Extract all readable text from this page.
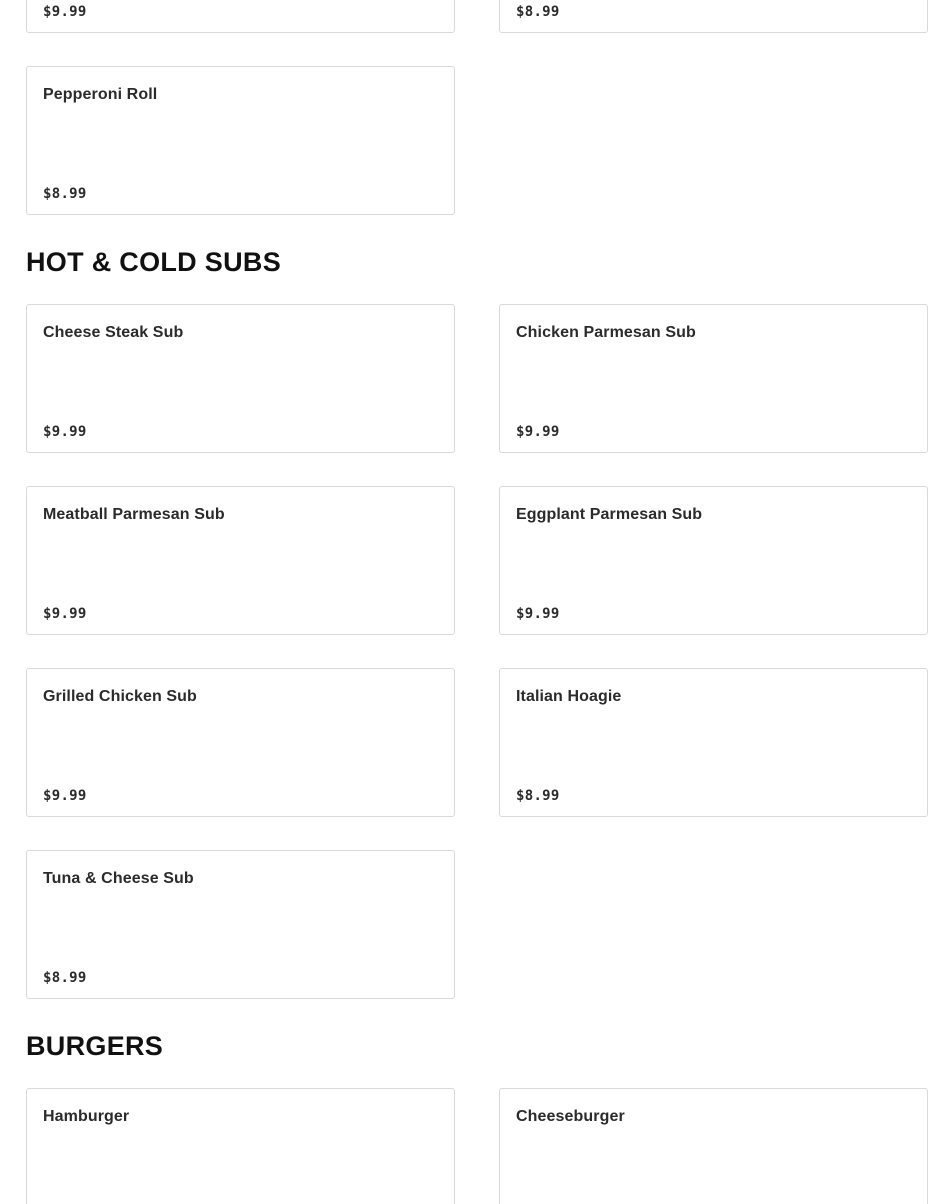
$9.99	$8.99
Pepperoni Roll
$8.99
HOT & COLD SUBS
Cheese Steak Sub
$9.99
Chicken Parmesan Sub
$9.99
Meatball Parmesan Sub
$9.99
Eggplant Parmesan Sub
$9.99
Grilled Chicken Sub
$9.99
Italian Hoagie
$8.99
Tuna & Cheese Sub
$8.99
BURGERS
Hamburger	Cheeseburger
